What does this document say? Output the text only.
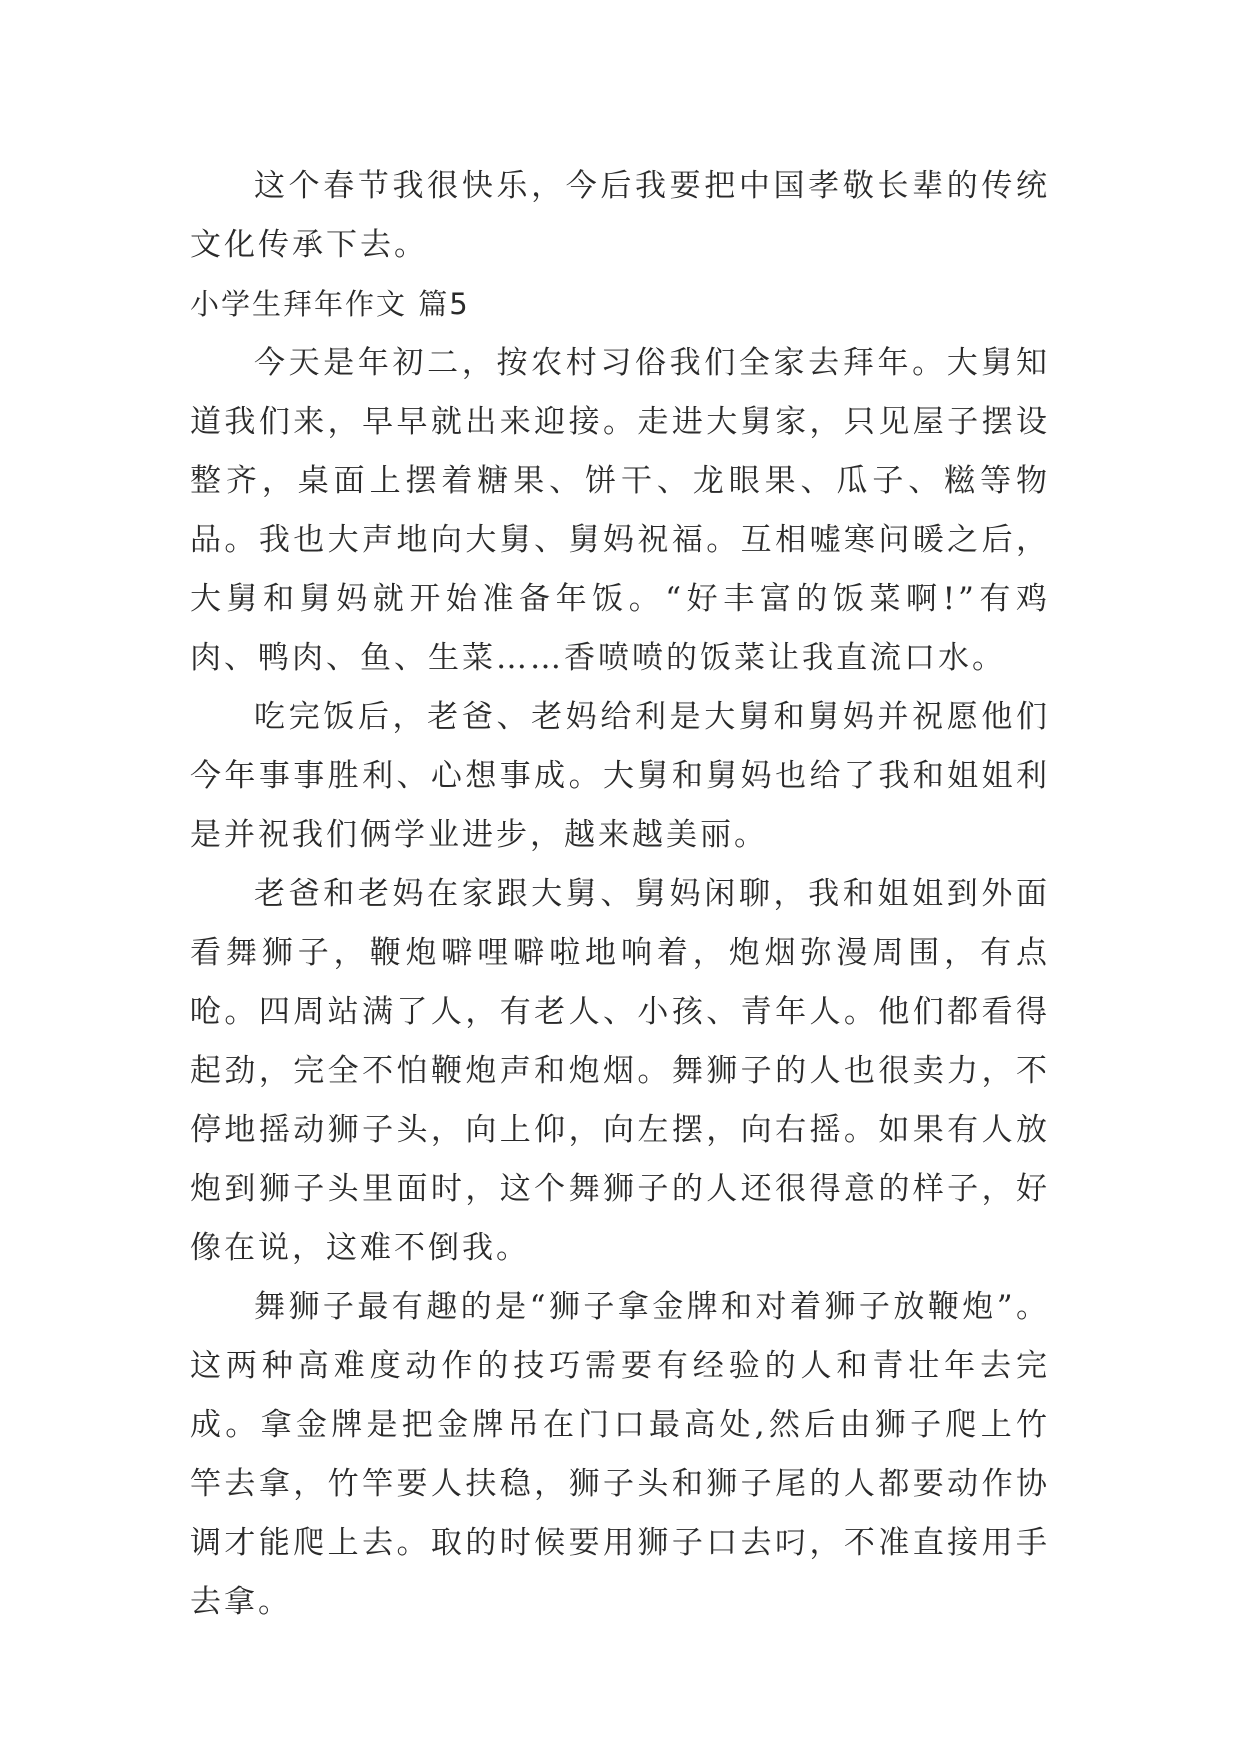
这个春节我很快乐，今后我要把中国孝敬长辈的传统文化传承下去。

小学生拜年作文 篇5

今天是年初二，按农村习俗我们全家去拜年。大舅知道我们来，早早就出来迎接。走进大舅家，只见屋子摆设整齐，桌面上摆着糖果、饼干、龙眼果、瓜子、糍等物品。我也大声地向大舅、舅妈祝福。互相嘘寒问暖之后，大舅和舅妈就开始准备年饭。“好丰富的饭菜啊!”有鸡肉、鸭肉、鱼、生菜……香喷喷的饭菜让我直流口水。

吃完饭后，老爸、老妈给利是大舅和舅妈并祝愿他们今年事事胜利、心想事成。大舅和舅妈也给了我和姐姐利是并祝我们俩学业进步，越来越美丽。

老爸和老妈在家跟大舅、舅妈闲聊，我和姐姐到外面看舞狮子，鞭炮噼哩噼啦地响着，炮烟弥漫周围，有点呛。四周站满了人，有老人、小孩、青年人。他们都看得起劲，完全不怕鞭炮声和炮烟。舞狮子的人也很卖力，不停地摇动狮子头，向上仰，向左摆，向右摇。如果有人放炮到狮子头里面时，这个舞狮子的人还很得意的样子，好像在说，这难不倒我。

舞狮子最有趣的是“狮子拿金牌和对着狮子放鞭炮”。这两种高难度动作的技巧需要有经验的人和青壮年去完成。拿金牌是把金牌吊在门口最高处,然后由狮子爬上竹竿去拿，竹竿要人扶稳，狮子头和狮子尾的人都要动作协调才能爬上去。取的时候要用狮子口去叼，不准直接用手去拿。
